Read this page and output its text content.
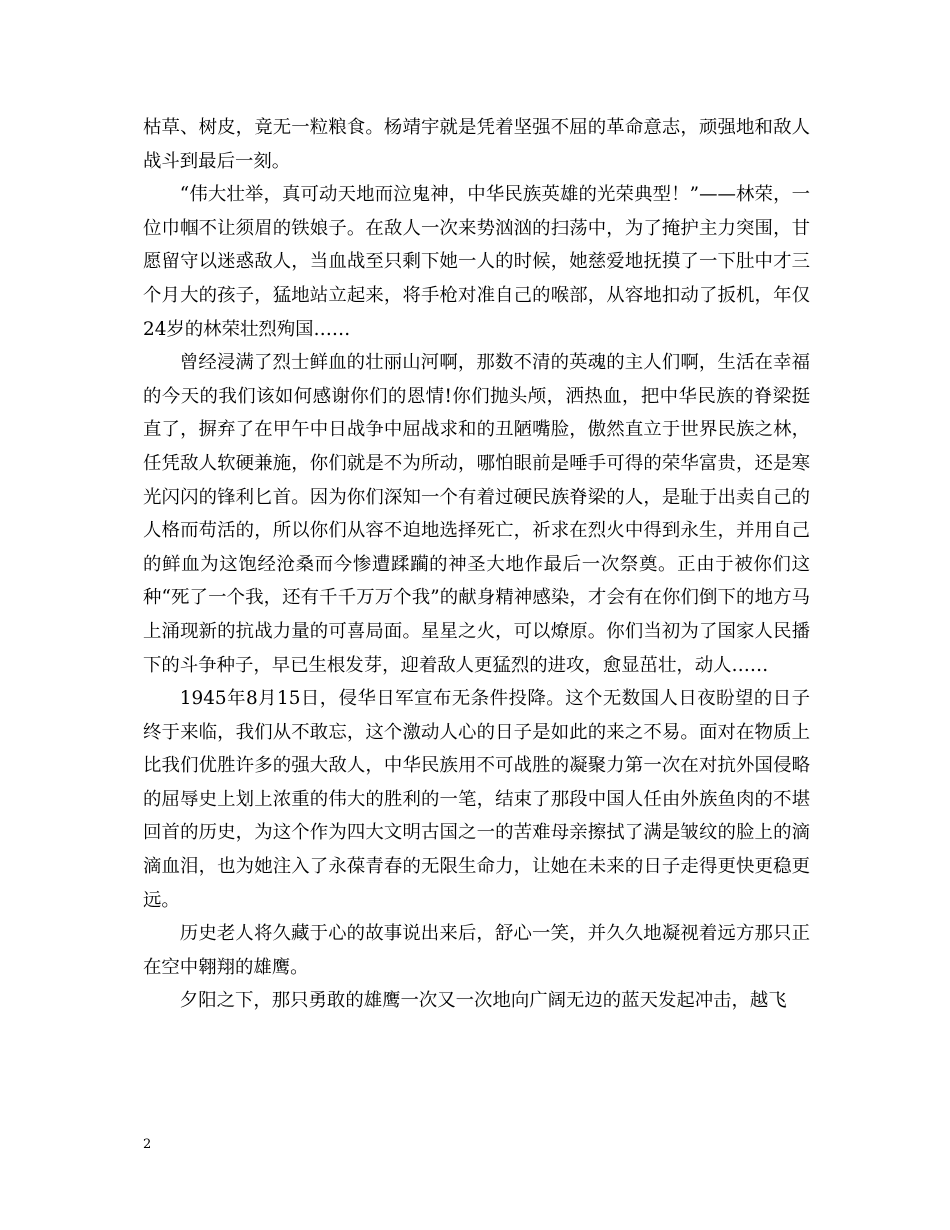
枯草、树皮，竟无一粒粮食。杨靖宇就是凭着坚强不屈的革命意志，顽强地和敌人战斗到最后一刻。

“伟大壮举，真可动天地而泣鬼神，中华民族英雄的光荣典型！”——林荣，一位巾帼不让须眉的铁娘子。在敌人一次来势汹汹的扫荡中，为了掩护主力突围，甘愿留守以迷惑敌人，当血战至只剩下她一人的时候，她慈爱地抚摸了一下肚中才三个月大的孩子，猛地站立起来，将手枪对准自己的喉部，从容地扣动了扳机，年仅24岁的林荣壮烈殉国……

曾经浸满了烈士鲜血的壮丽山河啊，那数不清的英魂的主人们啊，生活在幸福的今天的我们该如何感谢你们的恩情!你们抛头颅，洒热血，把中华民族的脊梁挺直了，摒弃了在甲午中日战争中屈战求和的丑陋嘴脸，傲然直立于世界民族之林，任凭敌人软硬兼施，你们就是不为所动，哪怕眼前是唾手可得的荣华富贵，还是寒光闪闪的锋利匕首。因为你们深知一个有着过硬民族脊梁的人，是耻于出卖自己的人格而苟活的，所以你们从容不迫地选择死亡，祈求在烈火中得到永生，并用自己的鲜血为这饱经沧桑而今惨遭蹂躏的神圣大地作最后一次祭奠。正由于被你们这种“死了一个我，还有千千万万个我”的献身精神感染，才会有在你们倒下的地方马上涌现新的抗战力量的可喜局面。星星之火，可以燎原。你们当初为了国家人民播下的斗争种子，早已生根发芽，迎着敌人更猛烈的进攻，愈显茁壮，动人……

1945年8月15日，侵华日军宣布无条件投降。这个无数国人日夜盼望的日子终于来临，我们从不敢忘，这个激动人心的日子是如此的来之不易。面对在物质上比我们优胜许多的强大敌人，中华民族用不可战胜的凝聚力第一次在对抗外国侵略的屈辱史上划上浓重的伟大的胜利的一笔，结束了那段中国人任由外族鱼肉的不堪回首的历史，为这个作为四大文明古国之一的苦难母亲擦拭了满是皱纹的脸上的滴滴血泪，也为她注入了永葆青春的无限生命力，让她在未来的日子走得更快更稳更远。

历史老人将久藏于心的故事说出来后，舒心一笑，并久久地凝视着远方那只正在空中翱翔的雄鹰。

夕阳之下，那只勇敢的雄鹰一次又一次地向广阔无边的蓝天发起冲击，越飞

2
